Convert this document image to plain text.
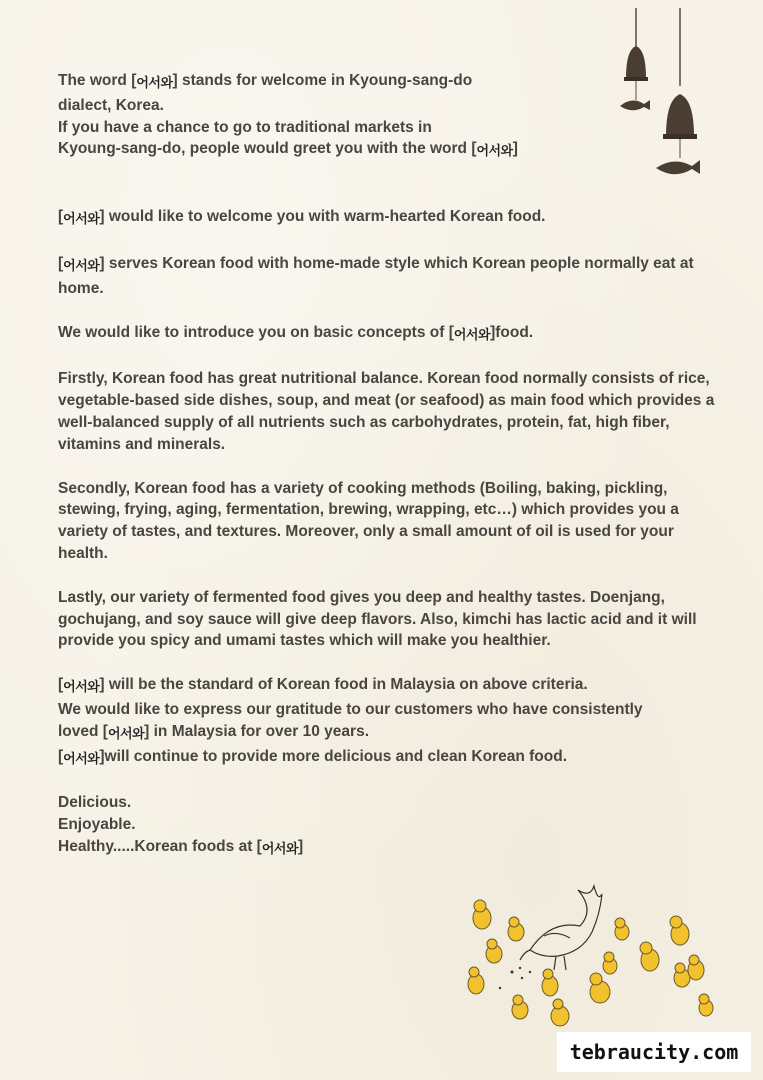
The word [어서와] stands for welcome in Kyoung-sang-do
dialect, Korea.
If you have a chance to go to traditional markets in
Kyoung-sang-do, people would greet you with the word [어서와]

[어서와] would like to welcome you with warm-hearted Korean food.

[어서와] serves Korean food with home-made style which Korean people normally eat at home.

We would like to introduce you on basic concepts of [어서와]food.

Firstly, Korean food has great nutritional balance. Korean food normally consists of rice, vegetable-based side dishes, soup, and meat (or seafood) as main food which provides a well-balanced supply of all nutrients such as carbohydrates, protein, fat, high fiber, vitamins and minerals.

Secondly, Korean food has a variety of cooking methods (Boiling, baking, pickling, stewing, frying, aging, fermentation, brewing, wrapping, etc…) which provides you a variety of tastes, and textures. Moreover, only a small amount of oil is used for your health.

Lastly, our variety of fermented food gives you deep and healthy tastes. Doenjang, gochujang, and soy sauce will give deep flavors. Also, kimchi has lactic acid and it will provide you spicy and umami tastes which will make you healthier.

[어서와] will be the standard of Korean food in Malaysia on above criteria.
We would like to express our gratitude to our customers who have consistently
loved [어서와] in Malaysia for over 10 years.
[어서와]will continue to provide more delicious and clean Korean food.

Delicious.
Enjoyable.
Healthy.....Korean foods at [어서와]

tebraucity.com
